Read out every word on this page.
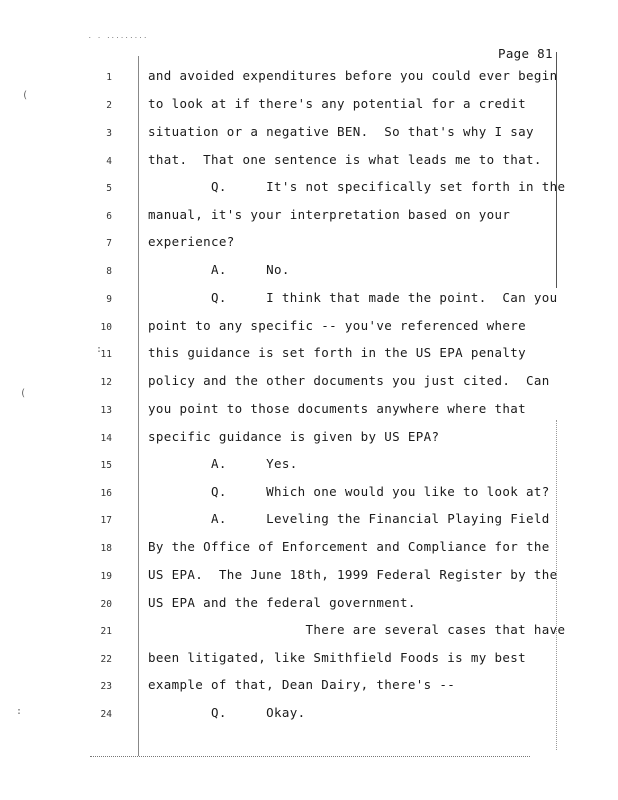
. . .........
Page 81
(
(
:
:
1	and avoided expenditures before you could ever begin
2	to look at if there's any potential for a credit
3	situation or a negative BEN.  So that's why I say
4	that.  That one sentence is what leads me to that.
5	Q.     It's not specifically set forth in the
6	manual, it's your interpretation based on your
7	experience?
8	A.     No.
9	Q.     I think that made the point.  Can you
10	point to any specific -- you've referenced where
11	this guidance is set forth in the US EPA penalty
12	policy and the other documents you just cited.  Can
13	you point to those documents anywhere where that
14	specific guidance is given by US EPA?
15	A.     Yes.
16	Q.     Which one would you like to look at?
17	A.     Leveling the Financial Playing Field
18	By the Office of Enforcement and Compliance for the
19	US EPA.  The June 18th, 1999 Federal Register by the
20	US EPA and the federal government.
21	There are several cases that have
22	been litigated, like Smithfield Foods is my best
23	example of that, Dean Dairy, there's --
24	Q.     Okay.
